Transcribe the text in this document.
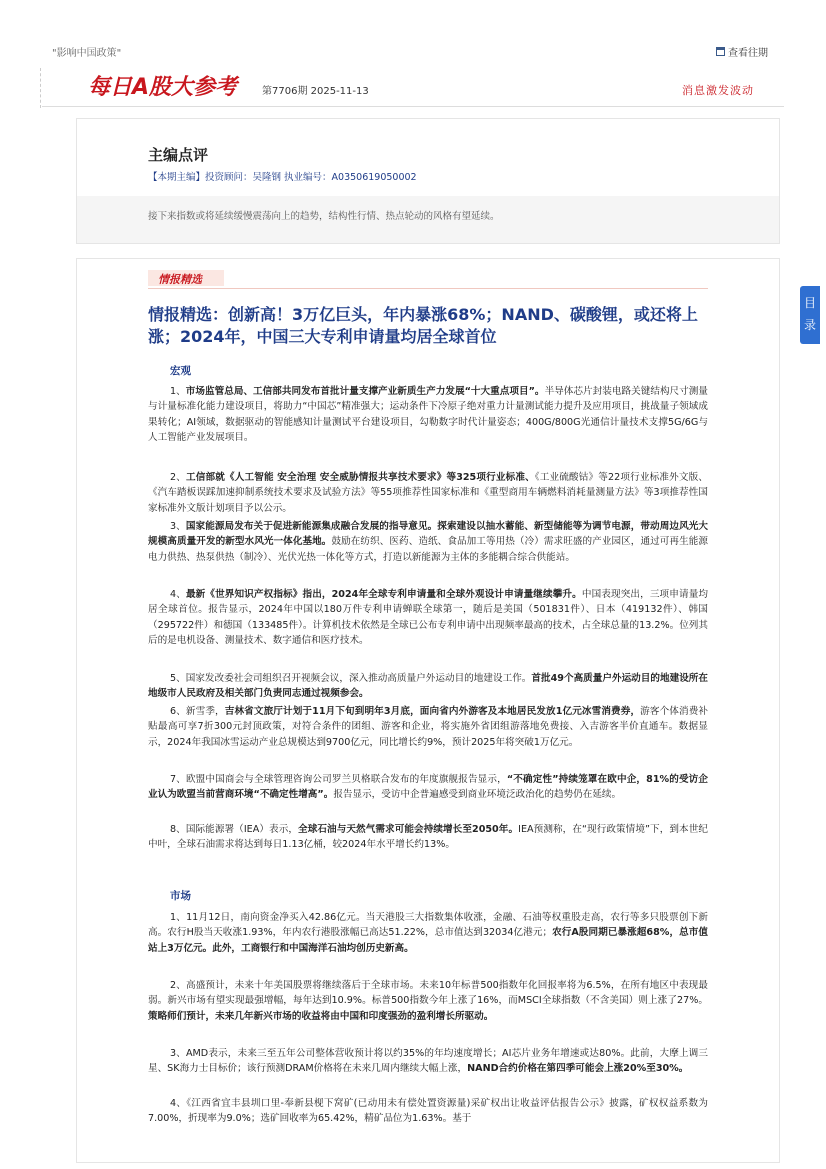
"影响中国政策"	查看往期
每日A股大参考 第7706期 2025-11-13	消息激发波动
主编点评
【本期主编】投资顾问：吴隆钢 执业编号：A0350619050002
接下来指数或将延续缓慢震荡向上的趋势，结构性行情、热点轮动的风格有望延续。
情报精选
情报精选：创新高！3万亿巨头，年内暴涨68%；NAND、碳酸锂，或还将上涨；2024年，中国三大专利申请量均居全球首位
宏观
1、市场监管总局、工信部共同发布首批计量支撑产业新质生产力发展“十大重点项目”。半导体芯片封装电路关键结构尺寸测量与计量标准化能力建设项目，将助力“中国芯”精准强大；运动条件下冷原子绝对重力计量测试能力提升及应用项目，挑战量子领域成果转化；AI领域，数据驱动的智能感知计量测试平台建设项目，勾勒数字时代计量姿态；400G/800G光通信计量技术支撑5G/6G与人工智能产业发展项目。
2、工信部就《人工智能 安全治理 安全威胁情报共享技术要求》等325项行业标准、《工业硫酸钴》等22项行业标准外文版、《汽车踏板误踩加速抑制系统技术要求及试验方法》等55项推荐性国家标准和《重型商用车辆燃料消耗量测量方法》等3项推荐性国家标准外文版计划项目予以公示。
3、国家能源局发布关于促进新能源集成融合发展的指导意见。探索建设以抽水蓄能、新型储能等为调节电源，带动周边风光大规模高质量开发的新型水风光一体化基地。鼓励在纺织、医药、造纸、食品加工等用热（冷）需求旺盛的产业园区，通过可再生能源电力供热、热泵供热（制冷）、光伏光热一体化等方式，打造以新能源为主体的多能耦合综合供能站。
4、最新《世界知识产权指标》指出，2024年全球专利申请量和全球外观设计申请量继续攀升。中国表现突出，三项申请量均居全球首位。报告显示，2024年中国以180万件专利申请蝉联全球第一，随后是美国（501831件）、日本（419132件）、韩国（295722件）和德国（133485件）。计算机技术依然是全球已公布专利申请中出现频率最高的技术，占全球总量的13.2%。位列其后的是电机设备、测量技术、数字通信和医疗技术。
5、国家发改委社会司组织召开视频会议，深入推动高质量户外运动目的地建设工作。首批49个高质量户外运动目的地建设所在地级市人民政府及相关部门负责同志通过视频参会。
6、新雪季，吉林省文旅厅计划于11月下旬到明年3月底，面向省内外游客及本地居民发放1亿元冰雪消费券，游客个体消费补贴最高可享7折300元封顶政策，对符合条件的团组、游客和企业，将实施外省团组游落地免费接、入吉游客半价直通车。数据显示，2024年我国冰雪运动产业总规模达到9700亿元，同比增长约9%，预计2025年将突破1万亿元。
7、欧盟中国商会与全球管理咨询公司罗兰贝格联合发布的年度旗舰报告显示，“不确定性”持续笼罩在欧中企，81%的受访企业认为欧盟当前营商环境“不确定性增高”。报告显示，受访中企普遍感受到商业环境泛政治化的趋势仍在延续。
8、国际能源署（IEA）表示，全球石油与天然气需求可能会持续增长至2050年。IEA预测称，在“现行政策情境”下，到本世纪中叶，全球石油需求将达到每日1.13亿桶，较2024年水平增长约13%。
市场
1、11月12日，南向资金净买入42.86亿元。当天港股三大指数集体收涨，金融、石油等权重股走高，农行等多只股票创下新高。农行H股当天收涨1.93%，年内农行港股涨幅已高达51.22%，总市值达到32034亿港元；农行A股同期已暴涨超68%，总市值站上3万亿元。此外，工商银行和中国海洋石油均创历史新高。
2、高盛预计，未来十年美国股票将继续落后于全球市场。未来10年标普500指数年化回报率将为6.5%，在所有地区中表现最弱。新兴市场有望实现最强增幅，每年达到10.9%。标普500指数今年上涨了16%，而MSCI全球指数（不含美国）则上涨了27%。策略师们预计，未来几年新兴市场的收益将由中国和印度强劲的盈利增长所驱动。
3、AMD表示，未来三至五年公司整体营收预计将以约35%的年均速度增长；AI芯片业务年增速或达80%。此前，大摩上调三星、SK海力士目标价；该行预测DRAM价格将在未来几周内继续大幅上涨，NAND合约价格在第四季可能会上涨20%至30%。
4、《江西省宜丰县圳口里-奉新县枧下窝矿(已动用未有偿处置资源量)采矿权出让收益评估报告公示》披露，矿权权益系数为7.00%，折现率为9.0%；选矿回收率为65.42%，精矿品位为1.63%。基于
目录
